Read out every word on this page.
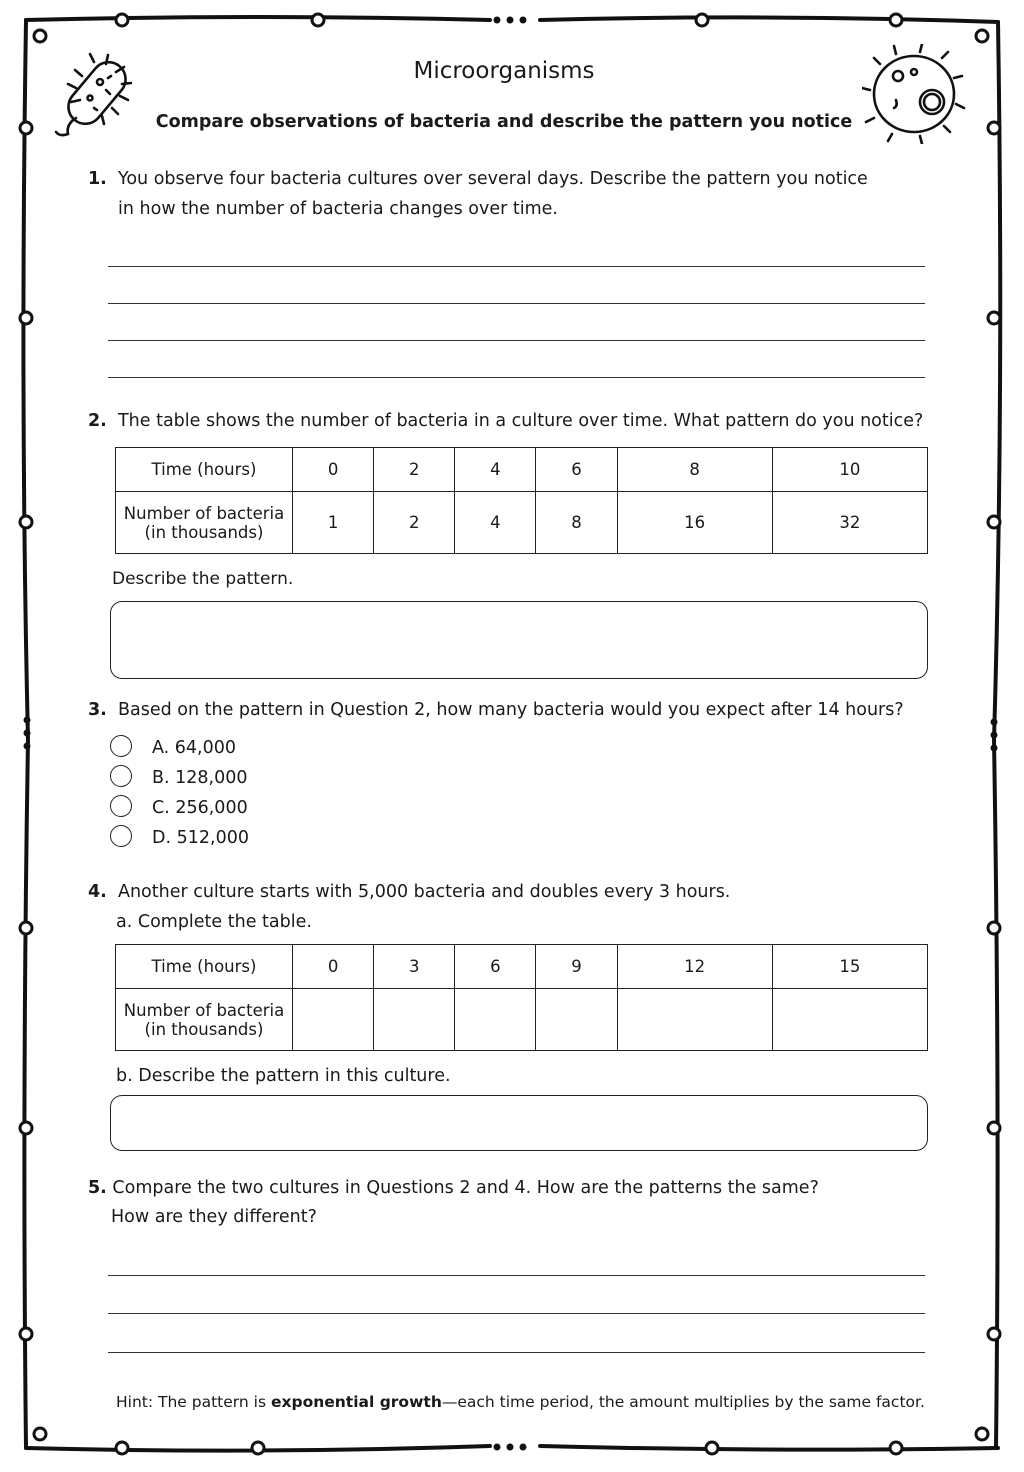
Microorganisms
Compare observations of bacteria and describe the pattern you notice
1. You observe four bacteria cultures over several days. Describe the pattern you notice
in how the number of bacteria changes over time.
2. The table shows the number of bacteria in a culture over time. What pattern do you notice?
Time (hours)	0	2	4	6	8	10
Number of bacteria
(in thousands)	1	2	4	8	16	32
Describe the pattern.
3. Based on the pattern in Question 2, how many bacteria would you expect after 14 hours?
A. 64,000
B. 128,000
C. 256,000
D. 512,000
4. Another culture starts with 5,000 bacteria and doubles every 3 hours.
a. Complete the table.
Time (hours)	0	3	6	9	12	15
Number of bacteria
(in thousands)						
b. Describe the pattern in this culture.
5. Compare the two cultures in Questions 2 and 4. How are the patterns the same?
How are they different?
Hint: The pattern is exponential growth—each time period, the amount multiplies by the same factor.
